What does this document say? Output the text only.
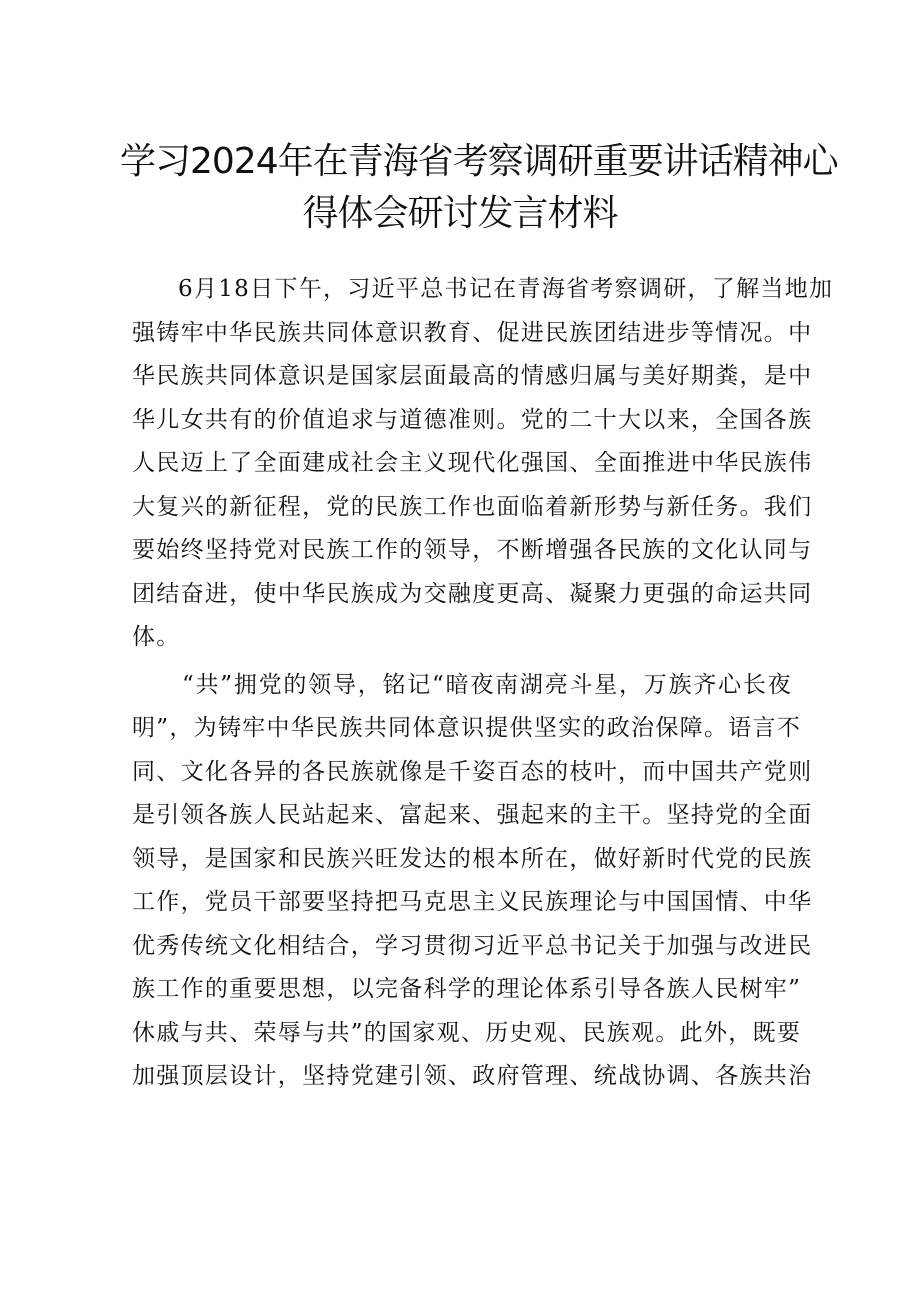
学习2024年在青海省考察调研重要讲话精神心
得体会研讨发言材料
6月18日下午，习近平总书记在青海省考察调研，了解当地加
强铸牢中华民族共同体意识教育、促进民族团结进步等情况。中
华民族共同体意识是国家层面最高的情感归属与美好期粪，是中
华儿女共有的价值追求与道德准则。党的二十大以来，全国各族
人民迈上了全面建成社会主义现代化强国、全面推进中华民族伟
大复兴的新征程，党的民族工作也面临着新形势与新任务。我们
要始终坚持党对民族工作的领导，不断增强各民族的文化认同与
团结奋进，使中华民族成为交融度更高、凝聚力更强的命运共同
体。
“共”拥党的领导，铭记“暗夜南湖亮斗星，万族齐心长夜
明”，为铸牢中华民族共同体意识提供坚实的政治保障。语言不
同、文化各异的各民族就像是千姿百态的枝叶，而中国共产党则
是引领各族人民站起来、富起来、强起来的主干。坚持党的全面
领导，是国家和民族兴旺发达的根本所在，做好新时代党的民族
工作，党员干部要坚持把马克思主义民族理论与中国国情、中华
优秀传统文化相结合，学习贯彻习近平总书记关于加强与改进民
族工作的重要思想，以完备科学的理论体系引导各族人民树牢”
休戚与共、荣辱与共”的国家观、历史观、民族观。此外，既要
加强顶层设计，坚持党建引领、政府管理、统战协调、各族共治
